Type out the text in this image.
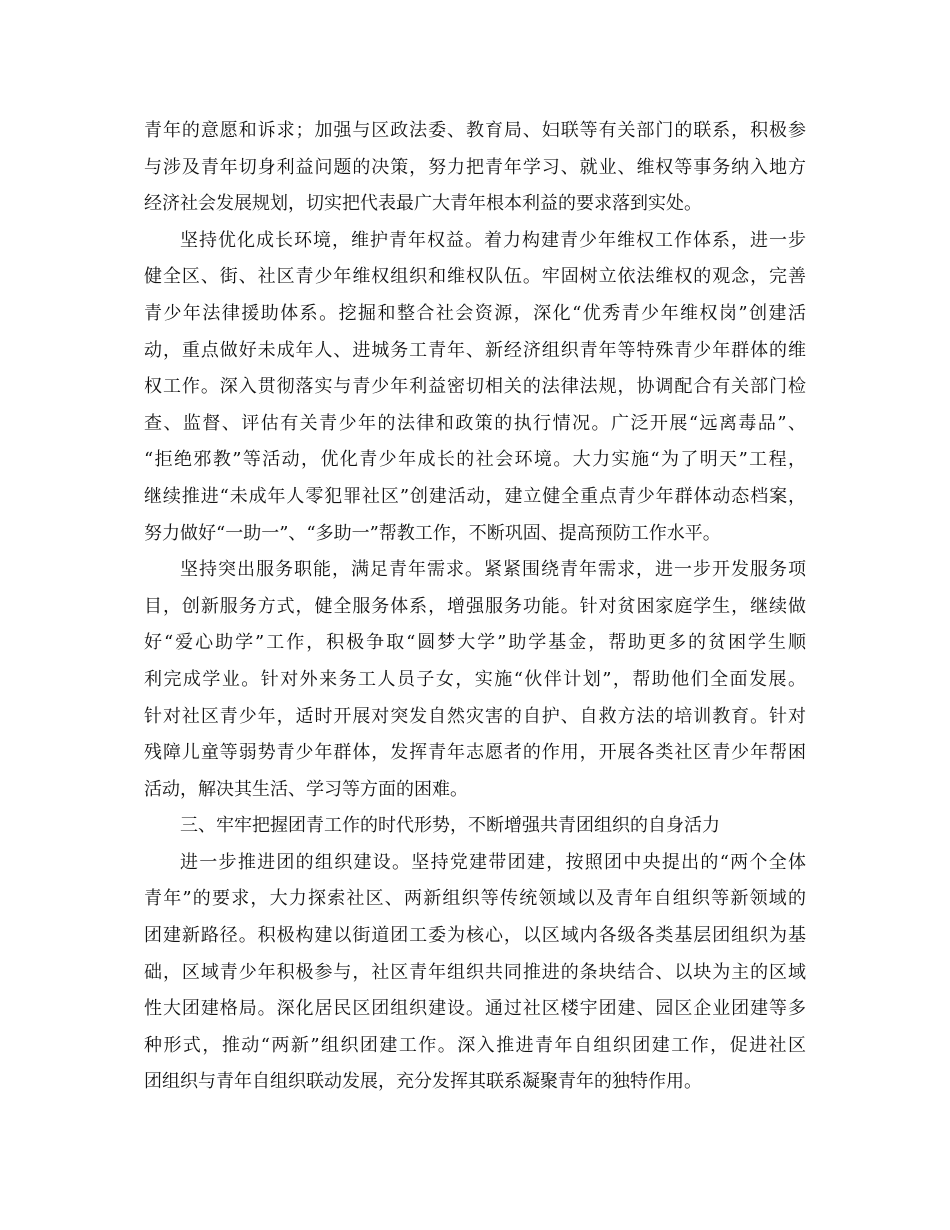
青年的意愿和诉求；加强与区政法委、教育局、妇联等有关部门的联系，积极参
与涉及青年切身利益问题的决策，努力把青年学习、就业、维权等事务纳入地方
经济社会发展规划，切实把代表最广大青年根本利益的要求落到实处。
坚持优化成长环境，维护青年权益。着力构建青少年维权工作体系，进一步
健全区、街、社区青少年维权组织和维权队伍。牢固树立依法维权的观念，完善
青少年法律援助体系。挖掘和整合社会资源，深化“优秀青少年维权岗”创建活
动，重点做好未成年人、进城务工青年、新经济组织青年等特殊青少年群体的维
权工作。深入贯彻落实与青少年利益密切相关的法律法规，协调配合有关部门检
查、监督、评估有关青少年的法律和政策的执行情况。广泛开展“远离毒品”、
“拒绝邪教”等活动，优化青少年成长的社会环境。大力实施“为了明天”工程，
继续推进“未成年人零犯罪社区”创建活动，建立健全重点青少年群体动态档案，
努力做好“一助一”、“多助一”帮教工作，不断巩固、提高预防工作水平。
坚持突出服务职能，满足青年需求。紧紧围绕青年需求，进一步开发服务项
目，创新服务方式，健全服务体系，增强服务功能。针对贫困家庭学生，继续做
好“爱心助学”工作，积极争取“圆梦大学”助学基金，帮助更多的贫困学生顺
利完成学业。针对外来务工人员子女，实施“伙伴计划”，帮助他们全面发展。
针对社区青少年，适时开展对突发自然灾害的自护、自救方法的培训教育。针对
残障儿童等弱势青少年群体，发挥青年志愿者的作用，开展各类社区青少年帮困
活动，解决其生活、学习等方面的困难。
三、牢牢把握团青工作的时代形势，不断增强共青团组织的自身活力
进一步推进团的组织建设。坚持党建带团建，按照团中央提出的“两个全体
青年”的要求，大力探索社区、两新组织等传统领域以及青年自组织等新领域的
团建新路径。积极构建以街道团工委为核心，以区域内各级各类基层团组织为基
础，区域青少年积极参与，社区青年组织共同推进的条块结合、以块为主的区域
性大团建格局。深化居民区团组织建设。通过社区楼宇团建、园区企业团建等多
种形式，推动“两新”组织团建工作。深入推进青年自组织团建工作，促进社区
团组织与青年自组织联动发展，充分发挥其联系凝聚青年的独特作用。
